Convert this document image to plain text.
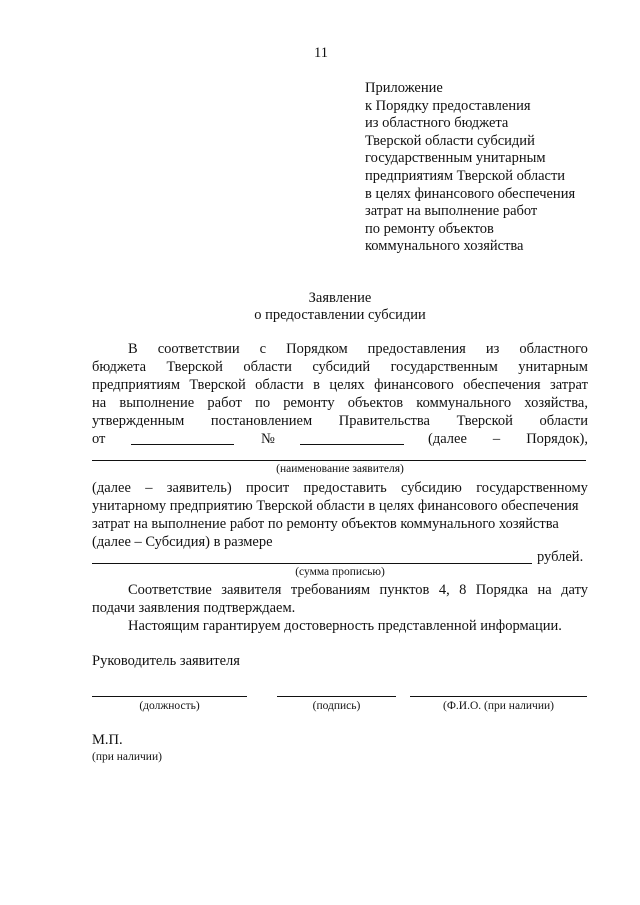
11
Приложение
к Порядку предоставления
из областного бюджета
Тверской области субсидий
государственным унитарным
предприятиям Тверской области
в целях финансового обеспечения
затрат на выполнение работ
по ремонту объектов
коммунального хозяйства
Заявление
о предоставлении субсидии
В соответствии с Порядком предоставления из областного
бюджета Тверской области субсидий государственным унитарным
предприятиям Тверской области в целях финансового обеспечения затрат
на выполнение работ по ремонту объектов коммунального хозяйства,
утвержденным постановлением Правительства Тверской области
от	№	(далее – Порядок),
(наименование заявителя)
(далее – заявитель) просит предоставить субсидию государственному
унитарному предприятию Тверской области в целях финансового обеспечения
затрат на выполнение работ по ремонту объектов коммунального хозяйства
(далее – Субсидия) в размере
рублей.
(сумма прописью)
Соответствие заявителя требованиям пунктов 4, 8 Порядка на дату
подачи заявления подтверждаем.
Настоящим гарантируем достоверность представленной информации.
Руководитель заявителя
(должность)	(подпись)	(Ф.И.О. (при наличии)
М.П.
(при наличии)
